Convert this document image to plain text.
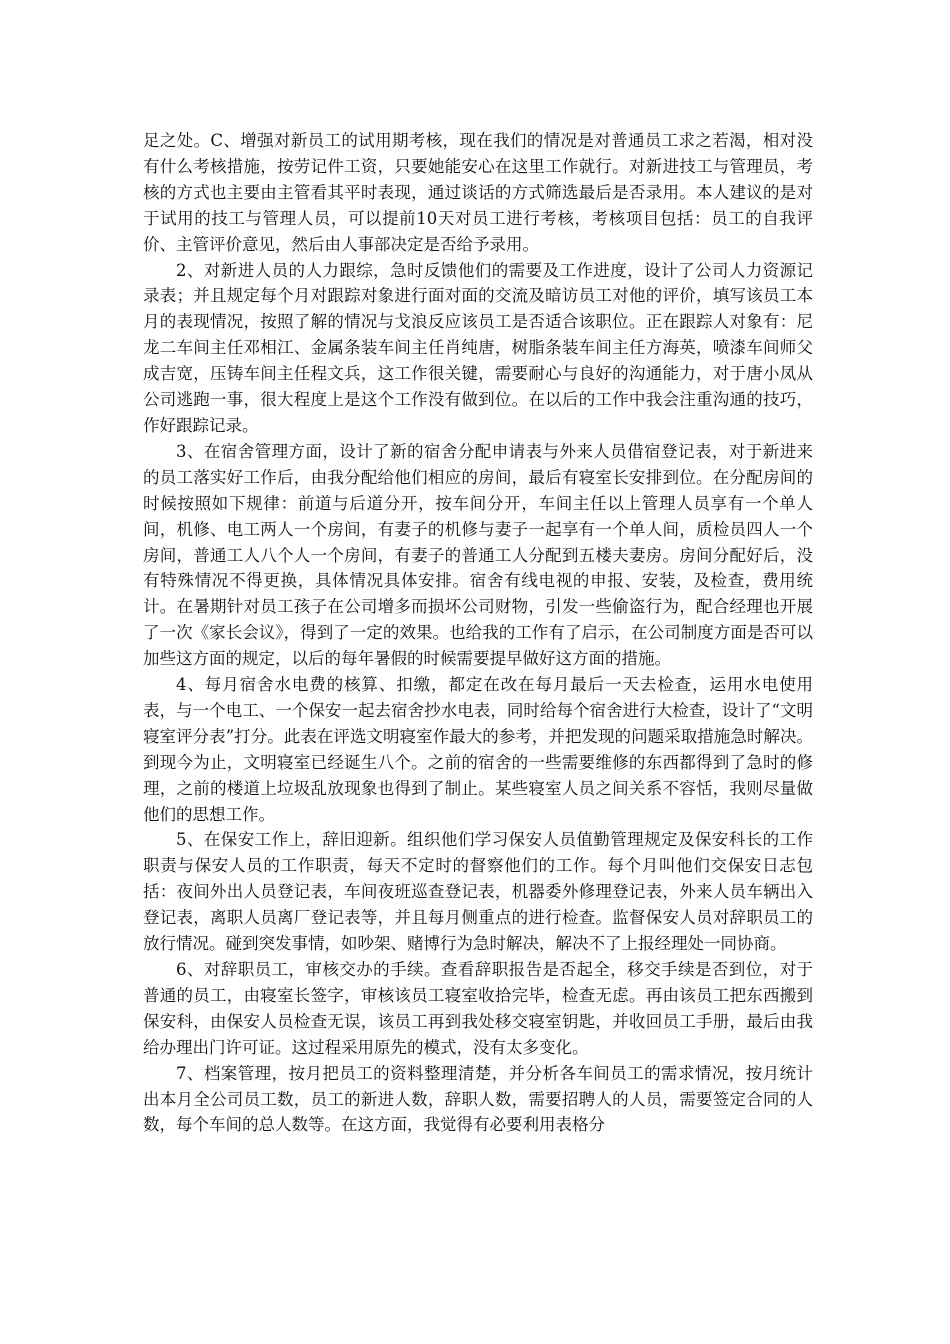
足之处。C、增强对新员工的试用期考核，现在我们的情况是对普通员工求之若渴，相对没有什么考核措施，按劳记件工资，只要她能安心在这里工作就行。对新进技工与管理员，考核的方式也主要由主管看其平时表现，通过谈话的方式筛选最后是否录用。本人建议的是对于试用的技工与管理人员，可以提前10天对员工进行考核，考核项目包括：员工的自我评价、主管评价意见，然后由人事部决定是否给予录用。

2、对新进人员的人力跟综，急时反馈他们的需要及工作进度，设计了公司人力资源记录表；并且规定每个月对跟踪对象进行面对面的交流及暗访员工对他的评价，填写该员工本月的表现情况，按照了解的情况与戈浪反应该员工是否适合该职位。正在跟踪人对象有：尼龙二车间主任邓相江、金属条装车间主任肖纯唐，树脂条装车间主任方海英，喷漆车间师父成吉宽，压铸车间主任程文兵，这工作很关键，需要耐心与良好的沟通能力，对于唐小凤从公司逃跑一事，很大程度上是这个工作没有做到位。在以后的工作中我会注重沟通的技巧，作好跟踪记录。

3、在宿舍管理方面，设计了新的宿舍分配申请表与外来人员借宿登记表，对于新进来的员工落实好工作后，由我分配给他们相应的房间，最后有寝室长安排到位。在分配房间的时候按照如下规律：前道与后道分开，按车间分开，车间主任以上管理人员享有一个单人间，机修、电工两人一个房间，有妻子的机修与妻子一起享有一个单人间，质检员四人一个房间，普通工人八个人一个房间，有妻子的普通工人分配到五楼夫妻房。房间分配好后，没有特殊情况不得更换，具体情况具体安排。宿舍有线电视的申报、安装，及检查，费用统计。在暑期针对员工孩子在公司增多而损坏公司财物，引发一些偷盗行为，配合经理也开展了一次《家长会议》，得到了一定的效果。也给我的工作有了启示，在公司制度方面是否可以加些这方面的规定，以后的每年暑假的时候需要提早做好这方面的措施。

4、每月宿舍水电费的核算、扣缴，都定在改在每月最后一天去检查，运用水电使用表，与一个电工、一个保安一起去宿舍抄水电表，同时给每个宿舍进行大检查，设计了“文明寝室评分表”打分。此表在评选文明寝室作最大的参考，并把发现的问题采取措施急时解决。到现今为止，文明寝室已经诞生八个。之前的宿舍的一些需要维修的东西都得到了急时的修理，之前的楼道上垃圾乱放现象也得到了制止。某些寝室人员之间关系不容恬，我则尽量做他们的思想工作。

5、在保安工作上，辞旧迎新。组织他们学习保安人员值勤管理规定及保安科长的工作职责与保安人员的工作职责，每天不定时的督察他们的工作。每个月叫他们交保安日志包括：夜间外出人员登记表，车间夜班巡查登记表，机器委外修理登记表，外来人员车辆出入登记表，离职人员离厂登记表等，并且每月侧重点的进行检查。监督保安人员对辞职员工的放行情况。碰到突发事情，如吵架、赌博行为急时解决，解决不了上报经理处一同协商。

6、对辞职员工，审核交办的手续。查看辞职报告是否起全，移交手续是否到位，对于普通的员工，由寝室长签字，审核该员工寝室收拾完毕，检查无虑。再由该员工把东西搬到保安科，由保安人员检查无误，该员工再到我处移交寝室钥匙，并收回员工手册，最后由我给办理出门许可证。这过程采用原先的模式，没有太多变化。

7、档案管理，按月把员工的资料整理清楚，并分析各车间员工的需求情况，按月统计出本月全公司员工数，员工的新进人数，辞职人数，需要招聘人的人员，需要签定合同的人数，每个车间的总人数等。在这方面，我觉得有必要利用表格分
